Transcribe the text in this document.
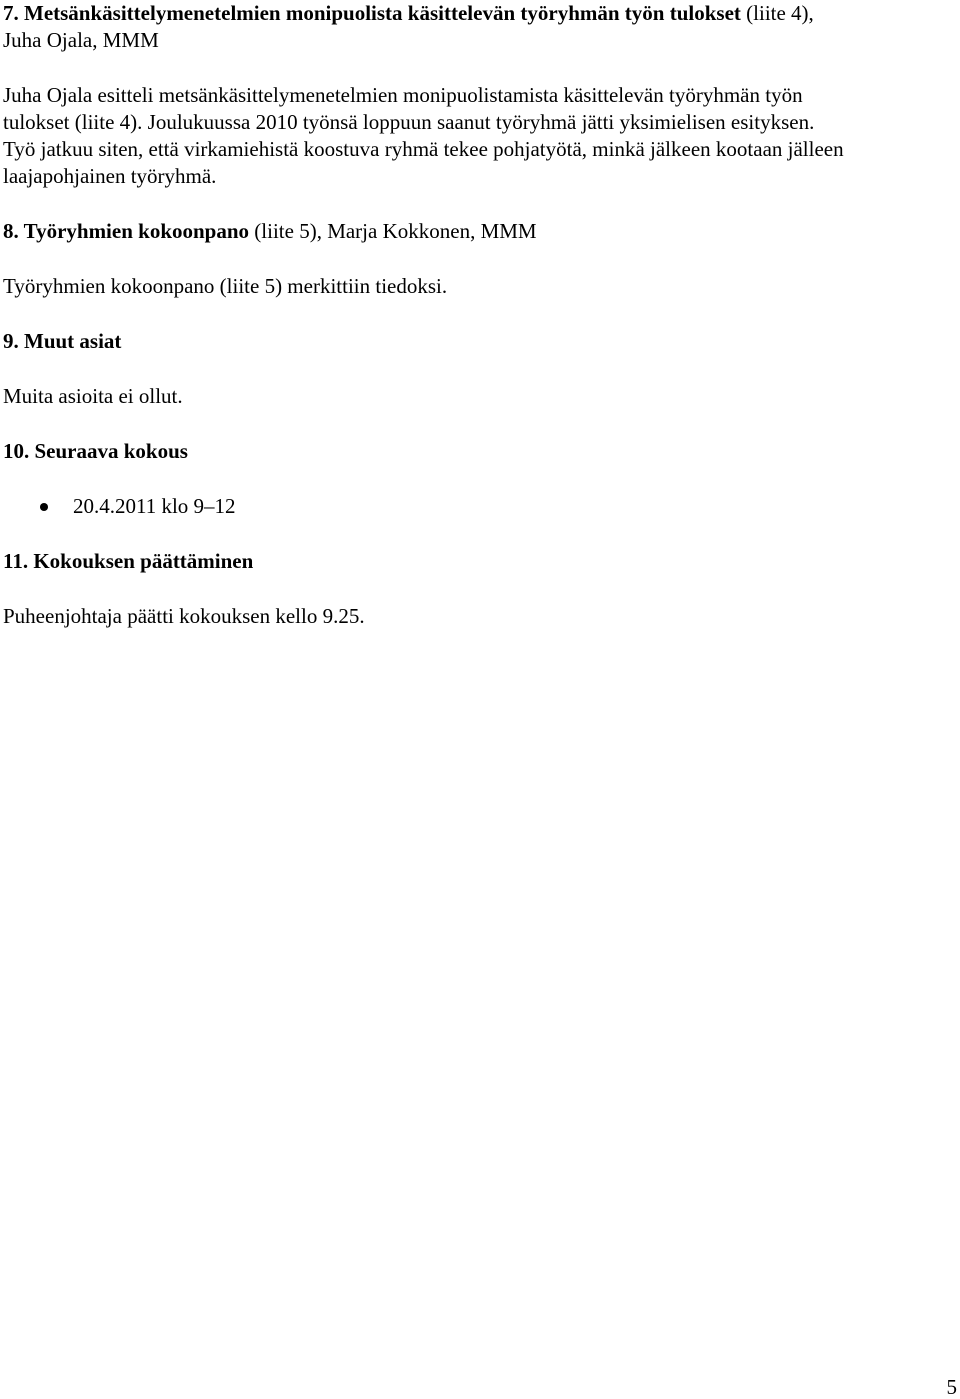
7. Metsänkäsittelymenetelmien monipuolista käsittelevän työryhmän työn tulokset (liite 4),

Juha Ojala, MMM

Juha Ojala esitteli metsänkäsittelymenetelmien monipuolistamista käsittelevän työryhmän työn

tulokset (liite 4). Joulukuussa 2010 työnsä loppuun saanut työryhmä jätti yksimielisen esityksen.

Työ jatkuu siten, että virkamiehistä koostuva ryhmä tekee pohjatyötä, minkä jälkeen kootaan jälleen

laajapohjainen työryhmä.

8. Työryhmien kokoonpano (liite 5), Marja Kokkonen, MMM

Työryhmien kokoonpano (liite 5) merkittiin tiedoksi.

9. Muut asiat

Muita asioita ei ollut.

10. Seuraava kokous

20.4.2011 klo 9–12

11. Kokouksen päättäminen

Puheenjohtaja päätti kokouksen kello 9.25.

5
